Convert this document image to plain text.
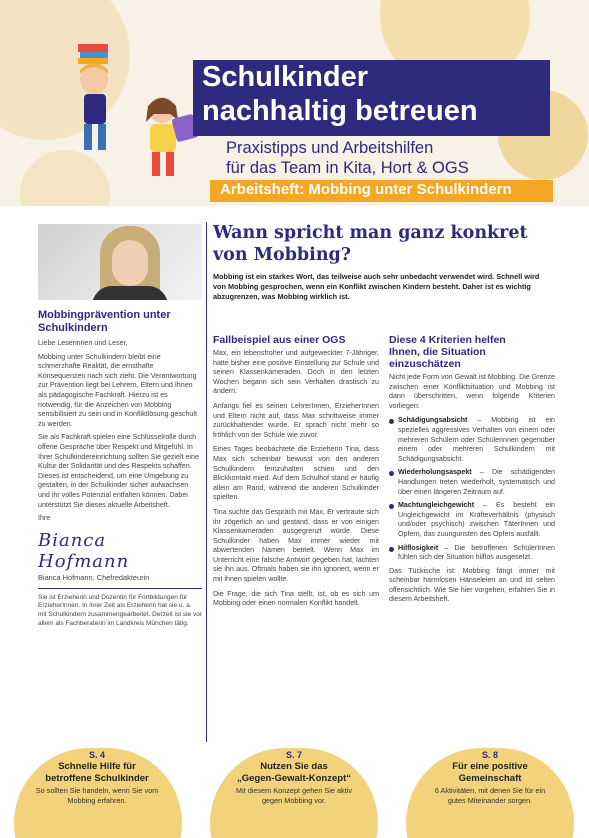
Schulkinder
nachhaltig betreuen
Praxistipps und Arbeitshilfen
für das Team in Kita, Hort & OGS
Arbeitsheft: Mobbing unter Schulkindern
Mobbingprävention unter
Schulkindern

Liebe Leserinnen und Leser,

Mobbing unter Schulkindern bleibt eine schmerzhafte Realität, die ernsthafte Konsequenzen nach sich zieht. Die Verantwortung zur Prävention liegt bei Lehrern, Eltern und Ihnen als pädagogische Fachkraft. Hierzu ist es notwendig, für die Anzeichen von Mobbing sensibilisiert zu sein und in Konfliktlösung geschult zu werden.

Sie als Fachkraft spielen eine Schlüsselrolle durch offene Gespräche über Respekt und Mitgefühl. In Ihrer Schulkindereinrichtung sollten Sie gezielt eine Kultur der Solidarität und des Respekts schaffen. Dieses ist entscheidend, um eine Umgebung zu gestalten, in der Schulkinder sicher aufwachsen und ihr volles Potenzial entfalten können. Dabei unterstützt Sie dieses aktuelle Arbeitsheft.

Ihre

Bianca Hofmann
Bianca Hofmann, Chefredakteurin

Sie ist Erzieherin und Dozentin für Fortbildungen für ErzieherInnen. In ihrer Zeit als Erzieherin hat sie u. a. mit Schulkindern zusammengearbeitet. Derzeit ist sie vor allem als Fachberaterin im Landkreis München tätig.

Wann spricht man ganz konkret
von Mobbing?

Mobbing ist ein starkes Wort, das teilweise auch sehr unbedacht verwendet wird. Schnell wird von Mobbing gesprochen, wenn ein Konflikt zwischen Kindern besteht. Daher ist es wichtig abzugrenzen, was Mobbing wirklich ist.

Fallbeispiel aus einer OGS

Max, ein lebensfroher und aufgeweckter 7-Jähriger, hatte bisher eine positive Einstellung zur Schule und seinen Klassenkameraden. Doch in den letzten Wochen begann sich sein Verhalten drastisch zu ändern.

Anfangs fiel es seinen LehrerInnen, ErzieherInnen und Eltern nicht auf, dass Max schrittweise immer zurückhaltender wurde. Er sprach nicht mehr so fröhlich von der Schule wie zuvor.

Eines Tages beobachtete die Erzieherin Tina, dass Max sich scheinbar bewusst von den anderen Schulkindern fernzuhalten schien und den Blickkontakt mied. Auf dem Schulhof stand er häufig allein am Rand, während die anderen Schulkinder spielten.

Tina suchte das Gespräch mit Max. Er vertraute sich ihr zögerlich an und gestand, dass er von einigen Klassenkameraden ausgegrenzt würde. Diese Schulkinder haben Max immer wieder mit abwertenden Namen betitelt. Wenn Max im Unterricht eine falsche Antwort gegeben hat, lachten sie ihn aus. Oftmals haben sie ihn ignoriert, wenn er mit ihnen spielen wollte.

Die Frage, die sich Tina stellt, ist, ob es sich um Mobbing oder einen normalen Konflikt handelt.

Diese 4 Kriterien helfen
Ihnen, die Situation
einzuschätzen

Nicht jede Form von Gewalt ist Mobbing. Die Grenze zwischen einer Konfliktsituation und Mobbing ist dann überschritten, wenn folgende Kriterien vorliegen:

Schädigungsabsicht – Mobbing ist ein spezielles aggressives Verhalten von einem oder mehreren Schülern oder Schülerinnen gegenüber einem oder mehreren Schulkindern mit Schädigungsabsicht.

Wiederholungsaspekt – Die schädigenden Handlungen treten wiederholt, systematisch und über einen längeren Zeitraum auf.

Machtungleichgewicht – Es besteht ein Ungleichgewicht im Kräfteverhältnis (physisch und/oder psychisch) zwischen TäterInnen und Opfern, das zuungunsten des Opfers ausfällt.

Hilflosigkeit – Die betroffenen SchülerInnen fühlen sich der Situation hilflos ausgesetzt.

Das Tückische ist: Mobbing fängt immer mit scheinbar harmlosen Hänseleien an und ist selten offensichtlich. Wie Sie hier vorgehen, erfahren Sie in diesem Arbeitsheft.

S. 4
Schnelle Hilfe für
betroffene Schulkinder
So sollten Sie handeln, wenn Sie vom
Mobbing erfahren.
S. 7
Nutzen Sie das
„Gegen-Gewalt-Konzept“
Mit diesem Konzept gehen Sie aktiv
gegen Mobbing vor.
S. 8
Für eine positive
Gemeinschaft
6 Aktivitäten, mit denen Sie für ein
gutes Miteinander sorgen.
